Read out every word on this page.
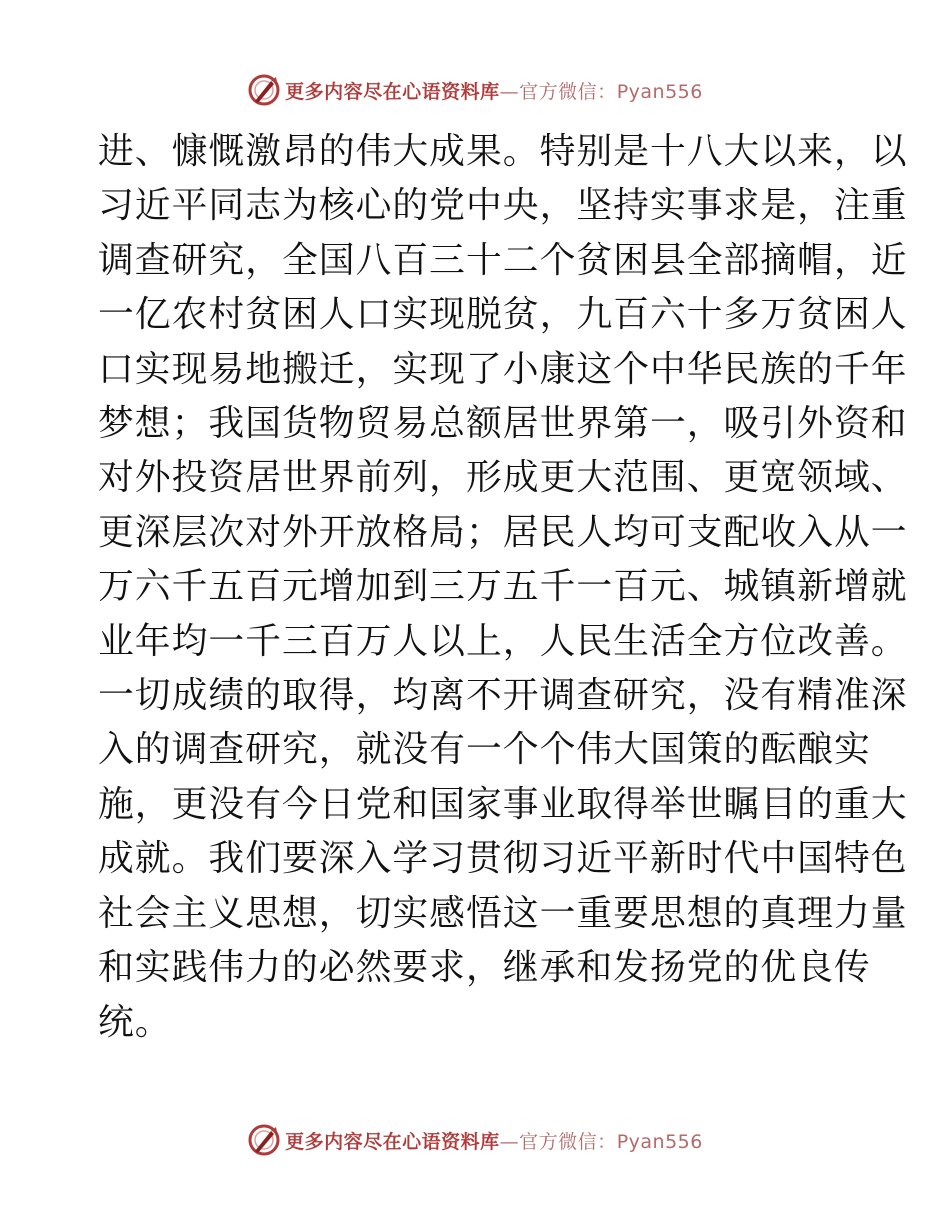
更多内容尽在心语资料库—官方微信：Pyan556
进、慷慨激昂的伟大成果。特别是十八大以来，以
习近平同志为核心的党中央，坚持实事求是，注重
调查研究，全国八百三十二个贫困县全部摘帽，近
一亿农村贫困人口实现脱贫，九百六十多万贫困人
口实现易地搬迁，实现了小康这个中华民族的千年
梦想；我国货物贸易总额居世界第一，吸引外资和
对外投资居世界前列，形成更大范围、更宽领域、
更深层次对外开放格局；居民人均可支配收入从一
万六千五百元增加到三万五千一百元、城镇新增就
业年均一千三百万人以上，人民生活全方位改善。
一切成绩的取得，均离不开调查研究，没有精准深
入的调查研究，就没有一个个伟大国策的酝酿实
施，更没有今日党和国家事业取得举世瞩目的重大
成就。我们要深入学习贯彻习近平新时代中国特色
社会主义思想，切实感悟这一重要思想的真理力量
和实践伟力的必然要求，继承和发扬党的优良传
统。
更多内容尽在心语资料库—官方微信：Pyan556
